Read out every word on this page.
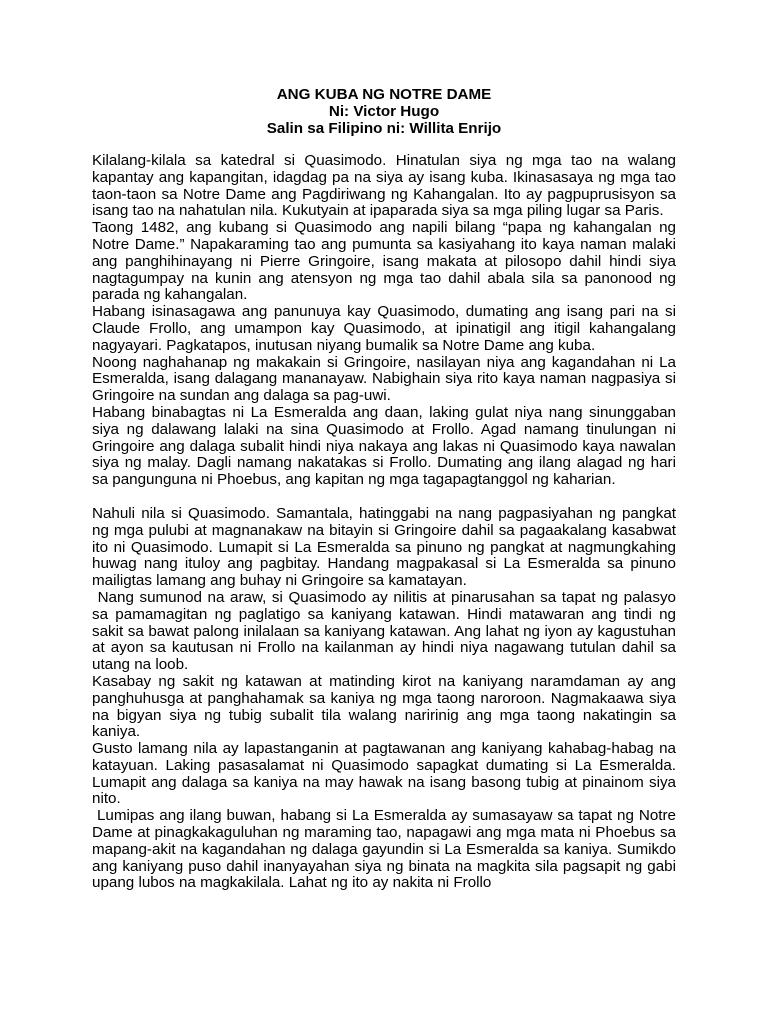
ANG KUBA NG NOTRE DAME
Ni: Victor Hugo
Salin sa Filipino ni: Willita Enrijo

Kilalang-kilala sa katedral si Quasimodo. Hinatulan siya ng mga tao na walang kapantay ang kapangitan, idagdag pa na siya ay isang kuba. Ikinasasaya ng mga tao taon-taon sa Notre Dame ang Pagdiriwang ng Kahangalan. Ito ay pagpuprusisyon sa isang tao na nahatulan nila. Kukutyain at ipaparada siya sa mga piling lugar sa Paris.

Taong 1482, ang kubang si Quasimodo ang napili bilang “papa ng kahangalan ng Notre Dame.” Napakaraming tao ang pumunta sa kasiyahang ito kaya naman malaki ang panghihinayang ni Pierre Gringoire, isang makata at pilosopo dahil hindi siya nagtagumpay na kunin ang atensyon ng mga tao dahil abala sila sa panonood ng parada ng kahangalan.

Habang isinasagawa ang panunuya kay Quasimodo, dumating ang isang pari na si Claude Frollo, ang umampon kay Quasimodo, at ipinatigil ang itigil kahangalang nagyayari. Pagkatapos, inutusan niyang bumalik sa Notre Dame ang kuba.

Noong naghahanap ng makakain si Gringoire, nasilayan niya ang kagandahan ni La Esmeralda, isang dalagang mananayaw. Nabighain siya rito kaya naman nagpasiya si Gringoire na sundan ang dalaga sa pag-uwi.

Habang binabagtas ni La Esmeralda ang daan, laking gulat niya nang sinunggaban siya ng dalawang lalaki na sina Quasimodo at Frollo. Agad namang tinulungan ni Gringoire ang dalaga subalit hindi niya nakaya ang lakas ni Quasimodo kaya nawalan siya ng malay. Dagli namang nakatakas si Frollo. Dumating ang ilang alagad ng hari sa pangunguna ni Phoebus, ang kapitan ng mga tagapagtanggol ng kaharian.

Nahuli nila si Quasimodo. Samantala, hatinggabi na nang pagpasiyahan ng pangkat ng mga pulubi at magnanakaw na bitayin si Gringoire dahil sa pagaakalang kasabwat ito ni Quasimodo. Lumapit si La Esmeralda sa pinuno ng pangkat at nagmungkahing huwag nang ituloy ang pagbitay. Handang magpakasal si La Esmeralda sa pinuno mailigtas lamang ang buhay ni Gringoire sa kamatayan.

Nang sumunod na araw, si Quasimodo ay nilitis at pinarusahan sa tapat ng palasyo sa pamamagitan ng paglatigo sa kaniyang katawan. Hindi matawaran ang tindi ng sakit sa bawat palong inilalaan sa kaniyang katawan. Ang lahat ng iyon ay kagustuhan at ayon sa kautusan ni Frollo na kailanman ay hindi niya nagawang tutulan dahil sa utang na loob.

Kasabay ng sakit ng katawan at matinding kirot na kaniyang naramdaman ay ang panghuhusga at panghahamak sa kaniya ng mga taong naroroon. Nagmakaawa siya na bigyan siya ng tubig subalit tila walang naririnig ang mga taong nakatingin sa kaniya.

Gusto lamang nila ay lapastanganin at pagtawanan ang kaniyang kahabag-habag na katayuan. Laking pasasalamat ni Quasimodo sapagkat dumating si La Esmeralda. Lumapit ang dalaga sa kaniya na may hawak na isang basong tubig at pinainom siya nito.

Lumipas ang ilang buwan, habang si La Esmeralda ay sumasayaw sa tapat ng Notre Dame at pinagkakaguluhan ng maraming tao, napagawi ang mga mata ni Phoebus sa mapang-akit na kagandahan ng dalaga gayundin si La Esmeralda sa kaniya. Sumikdo ang kaniyang puso dahil inanyayahan siya ng binata na magkita sila pagsapit ng gabi upang lubos na magkakilala. Lahat ng ito ay nakita ni Frollo
